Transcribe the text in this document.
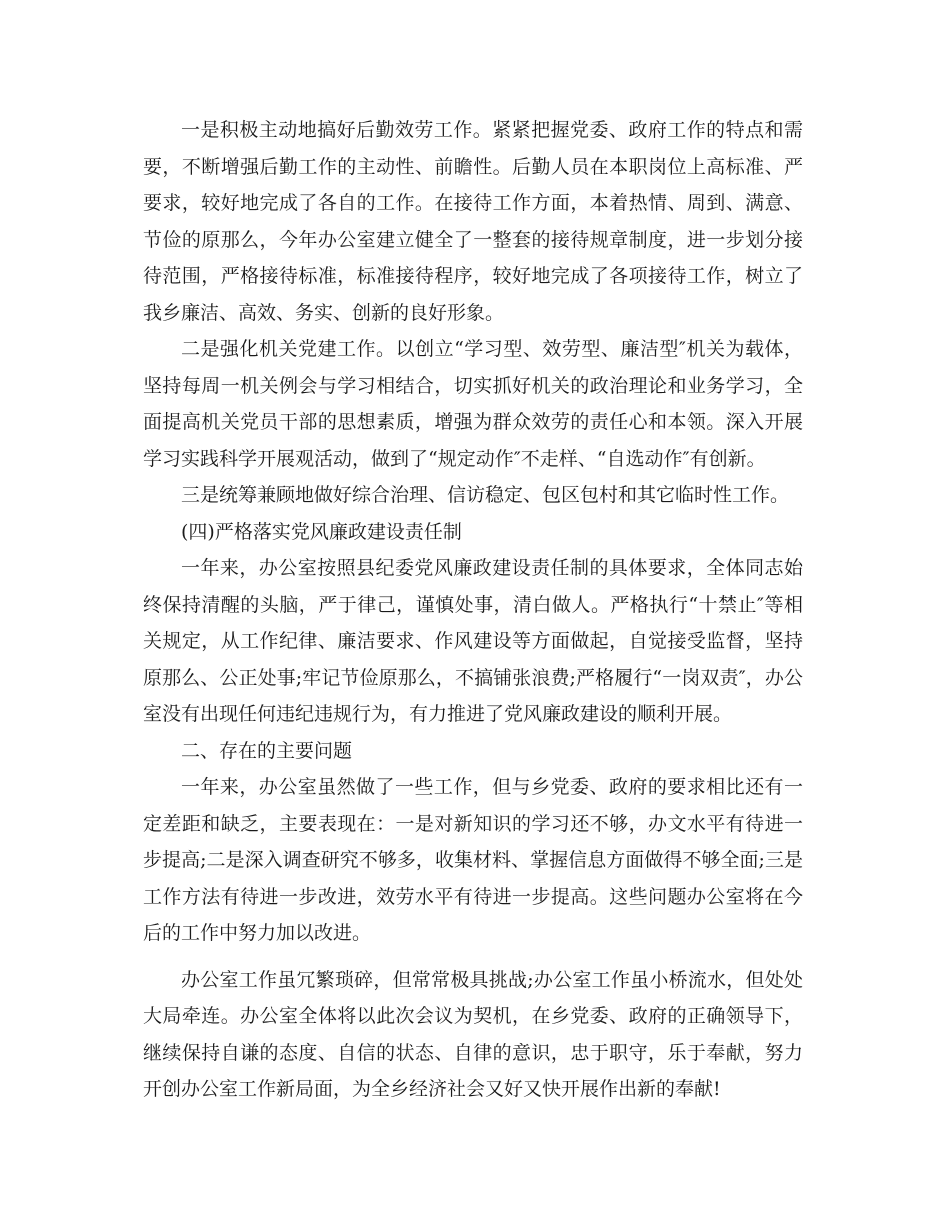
一是积极主动地搞好后勤效劳工作。紧紧把握党委、政府工作的特点和需要，不断增强后勤工作的主动性、前瞻性。后勤人员在本职岗位上高标准、严要求，较好地完成了各自的工作。在接待工作方面，本着热情、周到、满意、节俭的原那么，今年办公室建立健全了一整套的接待规章制度，进一步划分接待范围，严格接待标准，标准接待程序，较好地完成了各项接待工作，树立了我乡廉洁、高效、务实、创新的良好形象。

二是强化机关党建工作。以创立“学习型、效劳型、廉洁型″机关为载体，坚持每周一机关例会与学习相结合，切实抓好机关的政治理论和业务学习，全面提高机关党员干部的思想素质，增强为群众效劳的责任心和本领。深入开展学习实践科学开展观活动，做到了“规定动作″不走样、“自选动作″有创新。

三是统筹兼顾地做好综合治理、信访稳定、包区包村和其它临时性工作。

(四)严格落实党风廉政建设责任制

一年来，办公室按照县纪委党风廉政建设责任制的具体要求，全体同志始终保持清醒的头脑，严于律己，谨慎处事，清白做人。严格执行“十禁止″等相关规定，从工作纪律、廉洁要求、作风建设等方面做起，自觉接受监督，坚持原那么、公正处事;牢记节俭原那么，不搞铺张浪费;严格履行“一岗双责″，办公室没有出现任何违纪违规行为，有力推进了党风廉政建设的顺利开展。

二、存在的主要问题

一年来，办公室虽然做了一些工作，但与乡党委、政府的要求相比还有一定差距和缺乏，主要表现在：一是对新知识的学习还不够，办文水平有待进一步提高;二是深入调查研究不够多，收集材料、掌握信息方面做得不够全面;三是工作方法有待进一步改进，效劳水平有待进一步提高。这些问题办公室将在今后的工作中努力加以改进。

办公室工作虽冗繁琐碎，但常常极具挑战;办公室工作虽小桥流水，但处处大局牵连。办公室全体将以此次会议为契机，在乡党委、政府的正确领导下，继续保持自谦的态度、自信的状态、自律的意识，忠于职守，乐于奉献，努力开创办公室工作新局面，为全乡经济社会又好又快开展作出新的奉献!
